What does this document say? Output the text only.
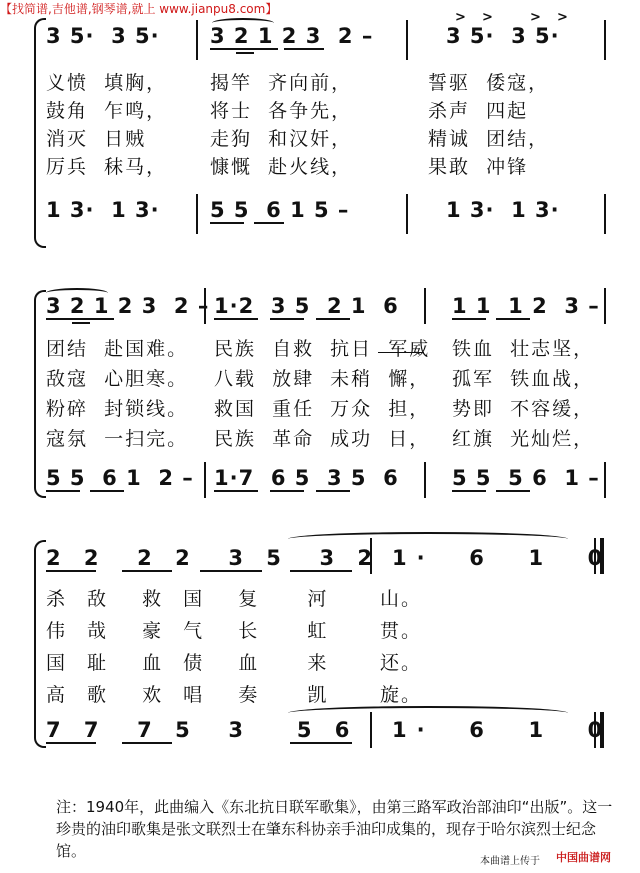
【找简谱,吉他谱,钢琴谱,就上 www.jianpu8.com】
> >	> >
3 5·  3 5· 3 2 1 2 3  2 –	3 5·  3 5·
义愤  填胸， 揭竿  齐向前，	誓驱  倭寇，
鼓角  乍鸣， 将士  各争先，	杀声  四起
消灭  日贼	走狗  和汉奸，	精诚  团结，
厉兵  秣马， 慷慨  赴火线，	果敢  冲锋
1 3·  1 3· 5 5  6 1 5 –	1 3·  1 3·
3 2 1 2 3  2 – 1·2  3 5  2 1  6	1 1  1 2  3 –
团结  赴国难。 民族  自救  抗日  军威 铁血  壮志坚，
敌寇  心胆寒。 八载  放肆  未稍  懈， 孤军  铁血战，
粉碎  封锁线。 救国  重任  万众  担， 势即  不容缓，
寇氛  一扫完。 民族  革命  成功  日， 红旗  光灿烂，
5 5  6 1  2 – 1·7  6 5  3 5  6	5 5  5 6  1 –
2 2  2 2  3 5  3 2 1·  6  1  0
杀 敌  救 国  复   河 山。
伟 哉  豪 气  长   虹 贯。
国 耻  血 债  血   来 还。
高 歌  欢 唱  奏   凯 旋。
7 7  7 5  3   5 6 1·  6  1  0
注：1940年，此曲编入《东北抗日联军歌集》，由第三路军政治部油印“出版”。这一珍贵的油印歌集是张文联烈士在肇东科协亲手油印成集的，现存于哈尔滨烈士纪念馆。
本曲谱上传于 中国曲谱网
